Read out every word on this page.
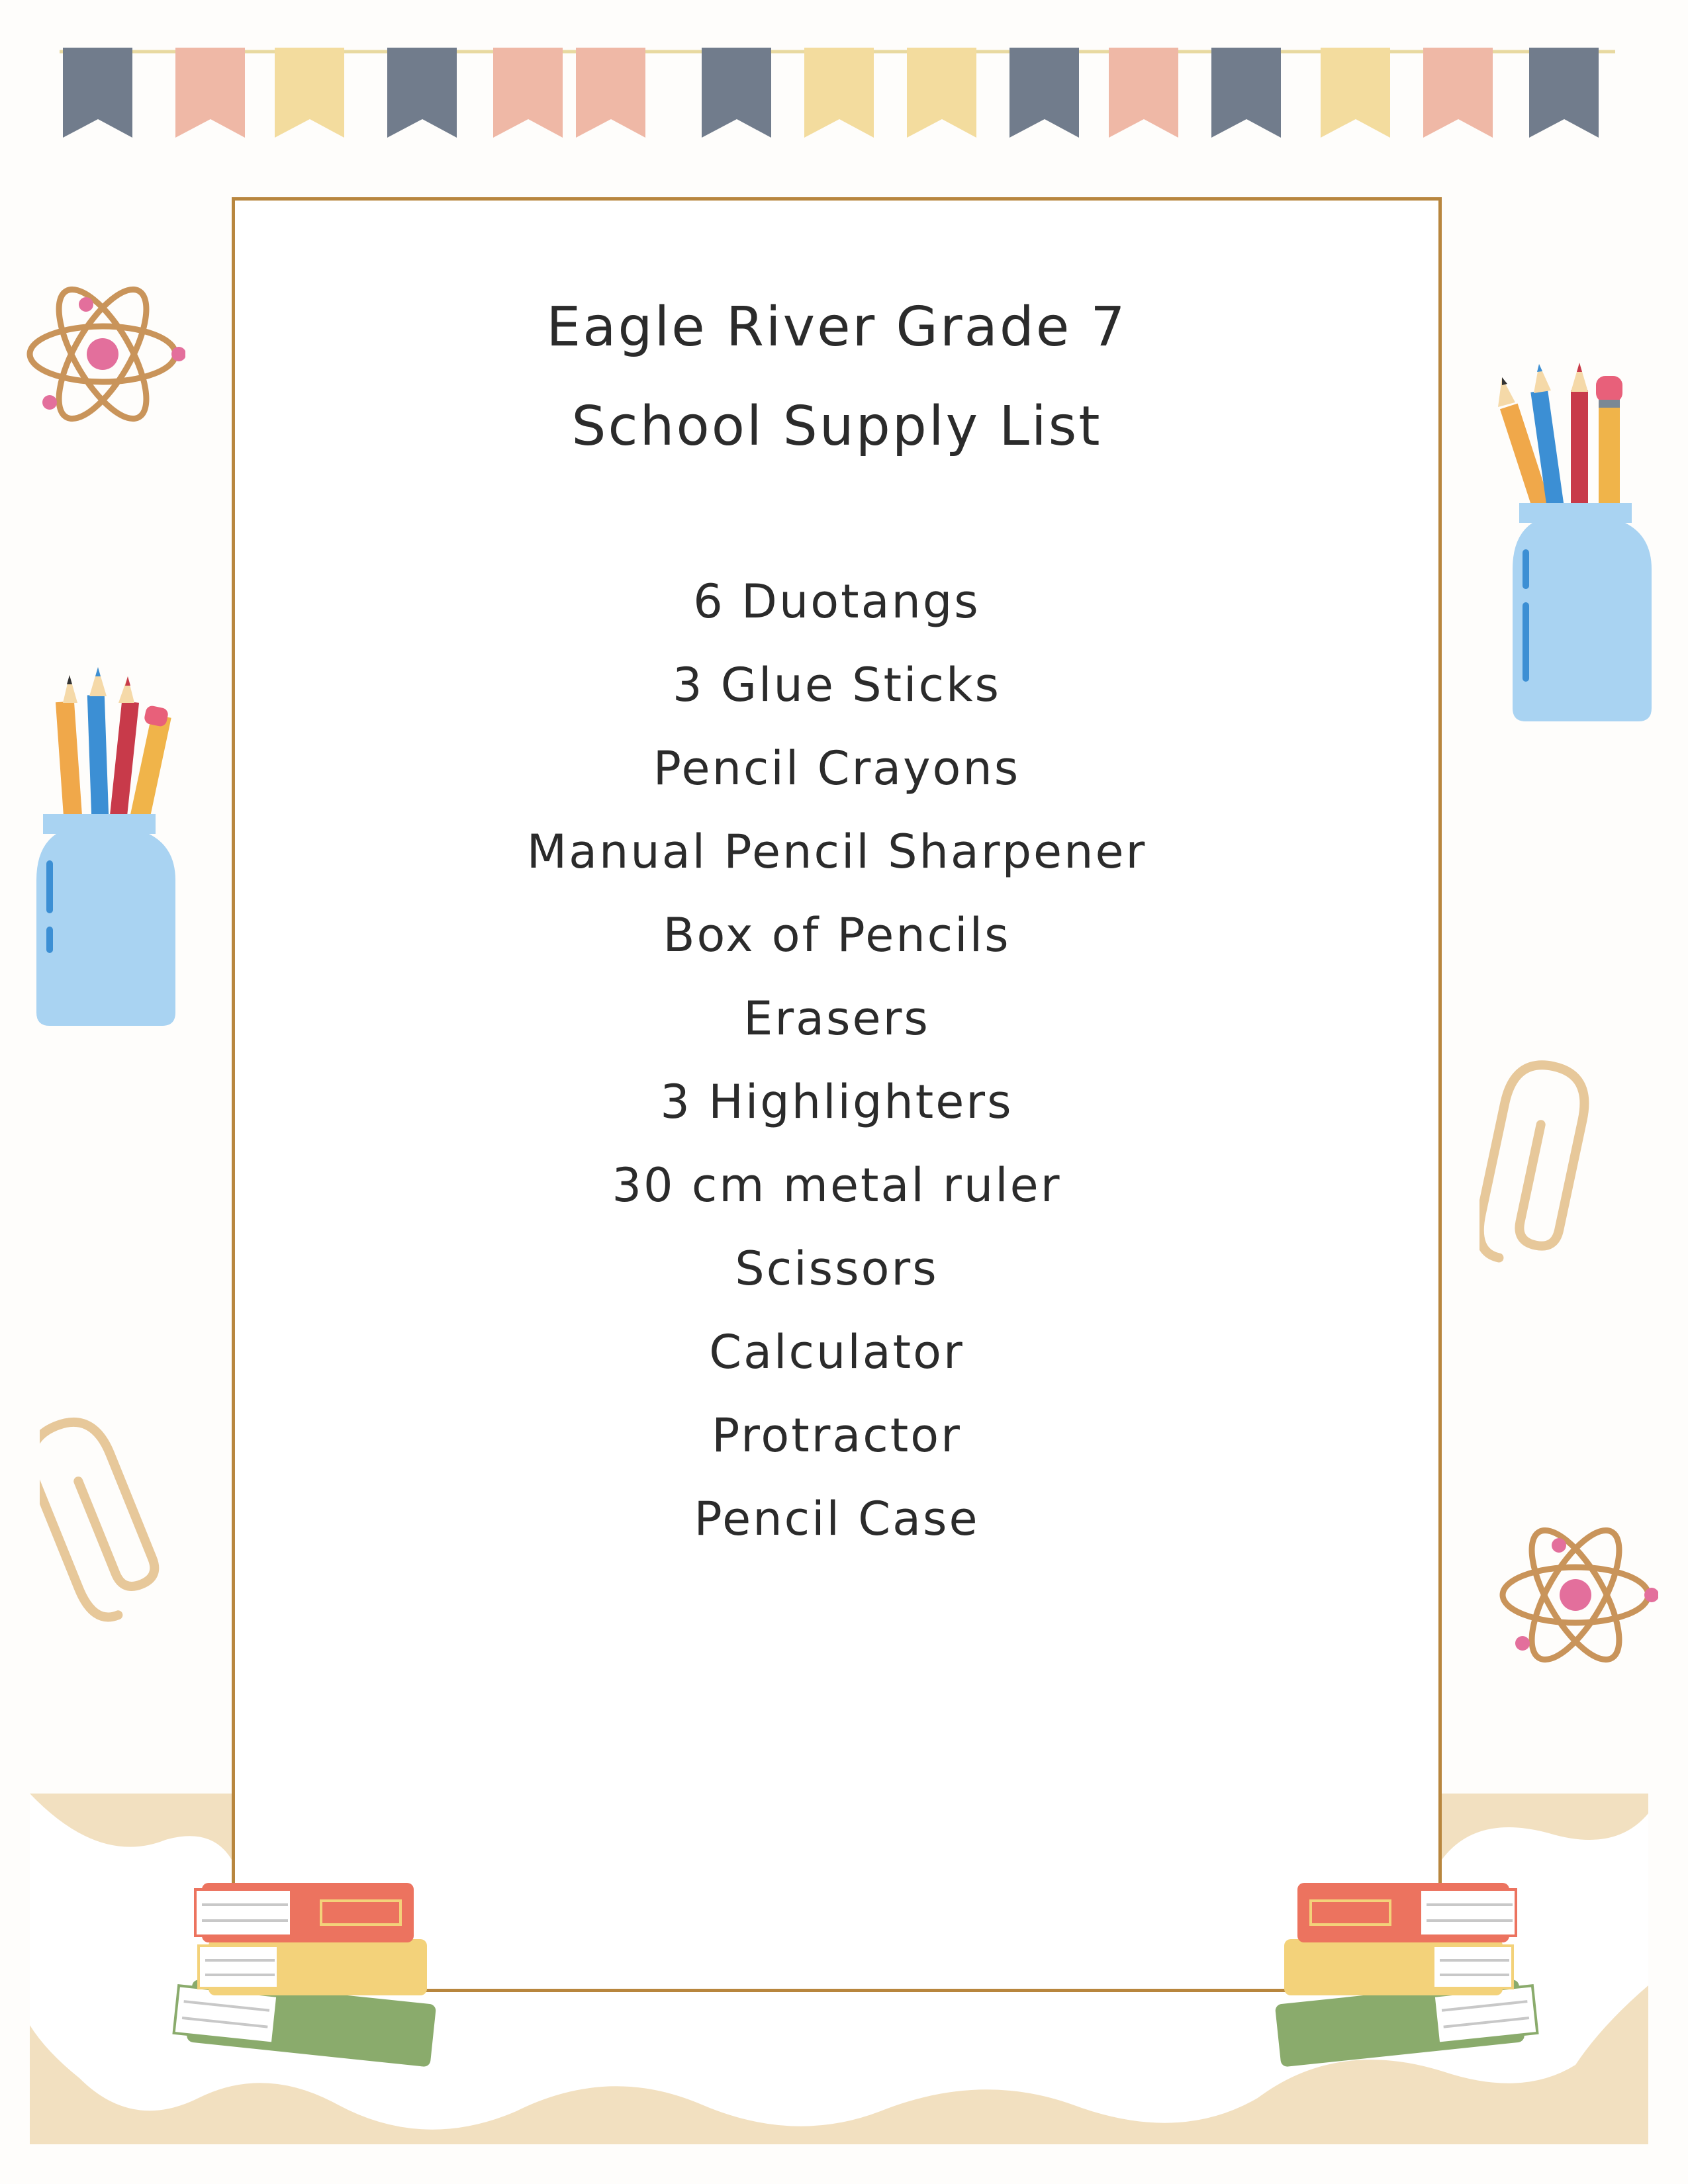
Eagle River Grade 7
School Supply List
6 Duotangs
3 Glue Sticks
Pencil Crayons
Manual Pencil Sharpener
Box of Pencils
Erasers
3 Highlighters
30 cm metal ruler
Scissors
Calculator
Protractor
Pencil Case
